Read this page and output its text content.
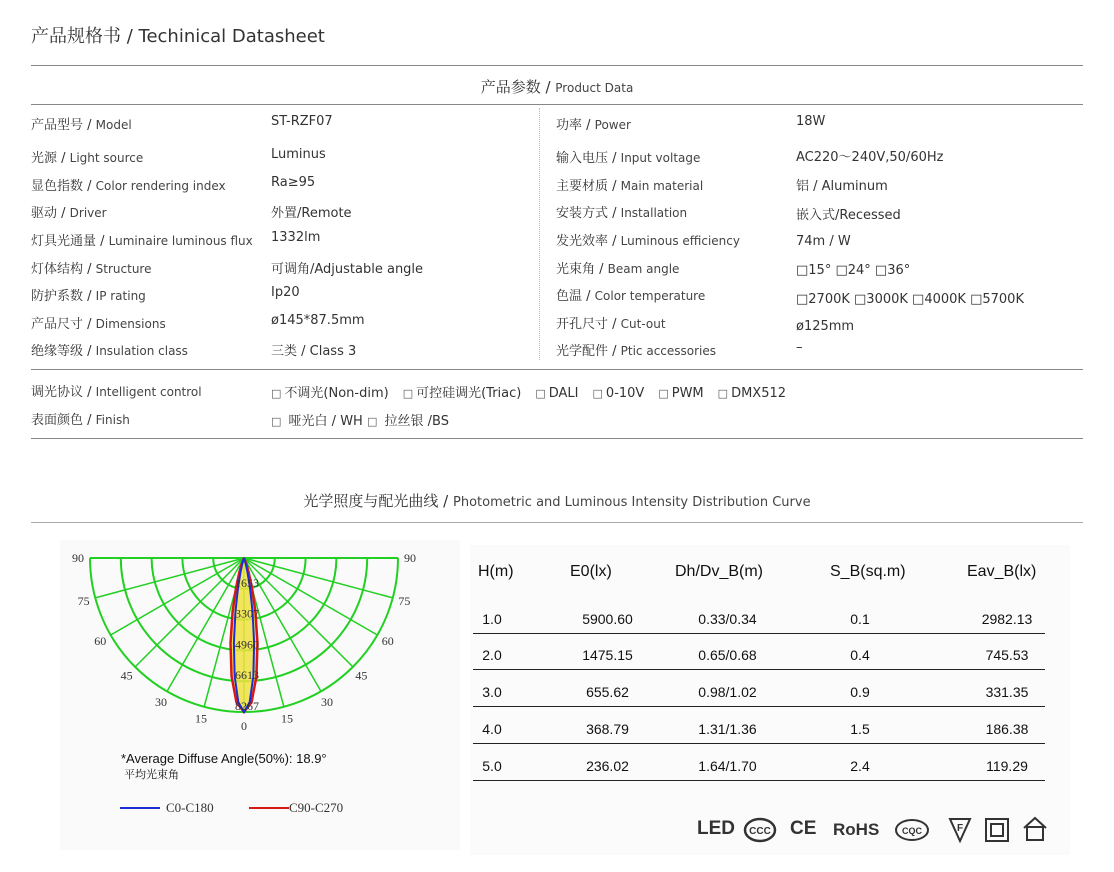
产品规格书 / Techinical Datasheet
产品参数 / Product Data
产品型号 / Model	ST-RZF07
光源 / Light source	Luminus
显色指数 / Color rendering index	Ra≥95
驱动 / Driver	外置/Remote
灯具光通量 / Luminaire luminous flux 1332lm
灯体结构 / Structure	可调角/Adjustable angle
防护系数 / IP rating	Ip20
产品尺寸 / Dimensions	ø145*87.5mm
绝缘等级 / Insulation class	三类 / Class 3
功率 / Power	18W
输入电压 / Input voltage	AC220～240V,50/60Hz
主要材质 / Main material	铝 / Aluminum
安装方式 / Installation	嵌入式/Recessed
发光效率 / Luminous efficiency	74m / W
光束角 / Beam angle	□15° □24° □36°
色温 / Color temperature	□2700K □3000K □4000K □5700K
开孔尺寸 / Cut-out	ø125mm
光学配件 / Ptic accessories	–
调光协议 / Intelligent control	□ 不调光(Non-dim) □ 可控硅调光(Triac) □ DALI □ 0-10V □ PWM □ DMX512
表面颜色 / Finish	□ 哑光白 / WH □ 拉丝银 /BS
光学照度与配光曲线 / Photometric and Luminous Intensity Distribution Curve
90	90
75	75
60	60
45	45
30	30
15	15
0
1653
3307
4960
6613
8267
*Average Diffuse Angle(50%): 18.9°
平均光束角
C0-C180	C90-C270
H(m)	E0(lx)	Dh/Dv_B(m)	S_B(sq.m)	Eav_B(lx)
1.0	5900.60	0.33/0.34	0.1	2982.13
2.0	1475.15	0.65/0.68	0.4	745.53
3.0	655.62	0.98/1.02	0.9	331.35
4.0	368.79	1.31/1.36	1.5	186.38
5.0	236.02	1.64/1.70	2.4	119.29
LED CCC CE RoHS	CQC	F
